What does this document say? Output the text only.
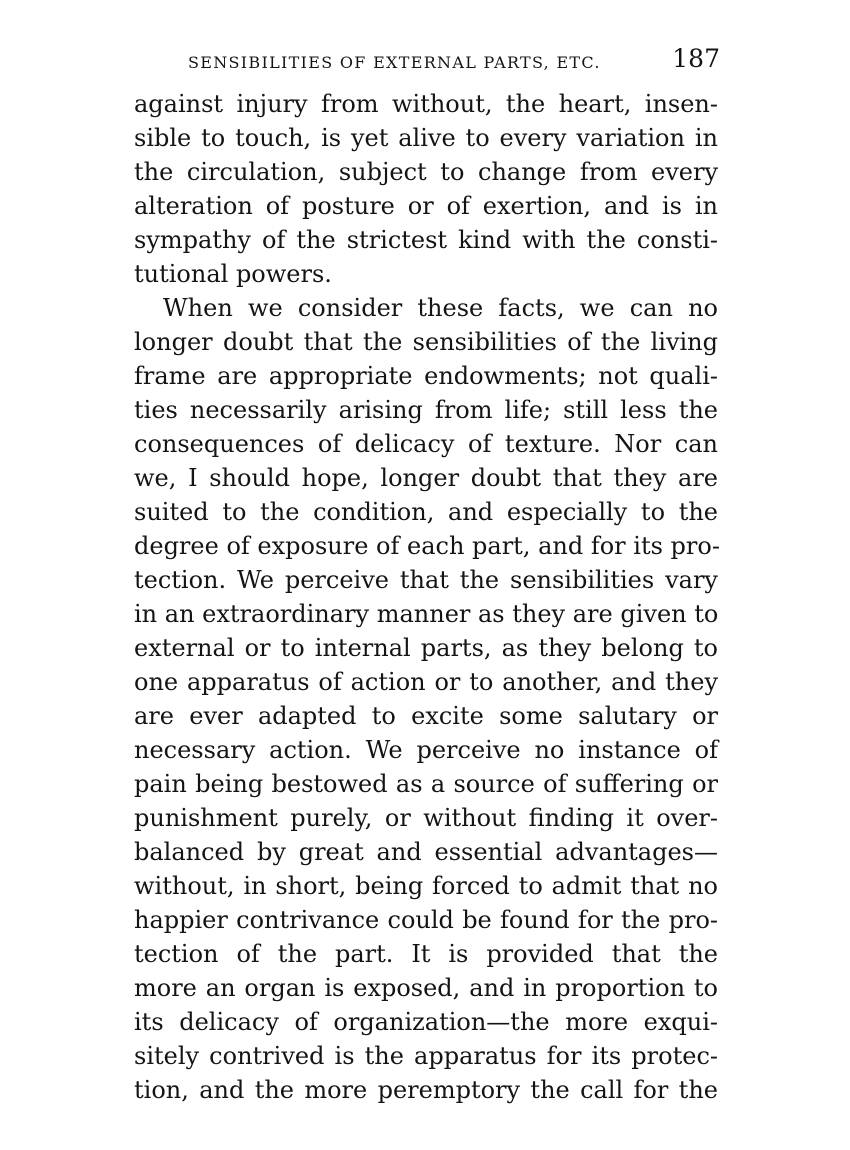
SENSIBILITIES OF EXTERNAL PARTS, ETC.	187
against injury from without, the heart, insen-
sible to touch, is yet alive to every variation in
the circulation, subject to change from every
alteration of posture or of exertion, and is in
sympathy of the strictest kind with the consti-
tutional powers.
When we consider these facts, we can no
longer doubt that the sensibilities of the living
frame are appropriate endowments; not quali-
ties necessarily arising from life; still less the
consequences of delicacy of texture. Nor can
we, I should hope, longer doubt that they are
suited to the condition, and especially to the
degree of exposure of each part, and for its pro-
tection. We perceive that the sensibilities vary
in an extraordinary manner as they are given to
external or to internal parts, as they belong to
one apparatus of action or to another, and they
are ever adapted to excite some salutary or
necessary action. We perceive no instance of
pain being bestowed as a source of suffering or
punishment purely, or without finding it over-
balanced by great and essential advantages—
without, in short, being forced to admit that no
happier contrivance could be found for the pro-
tection of the part. It is provided that the
more an organ is exposed, and in proportion to
its delicacy of organization—the more exqui-
sitely contrived is the apparatus for its protec-
tion, and the more peremptory the call for the
